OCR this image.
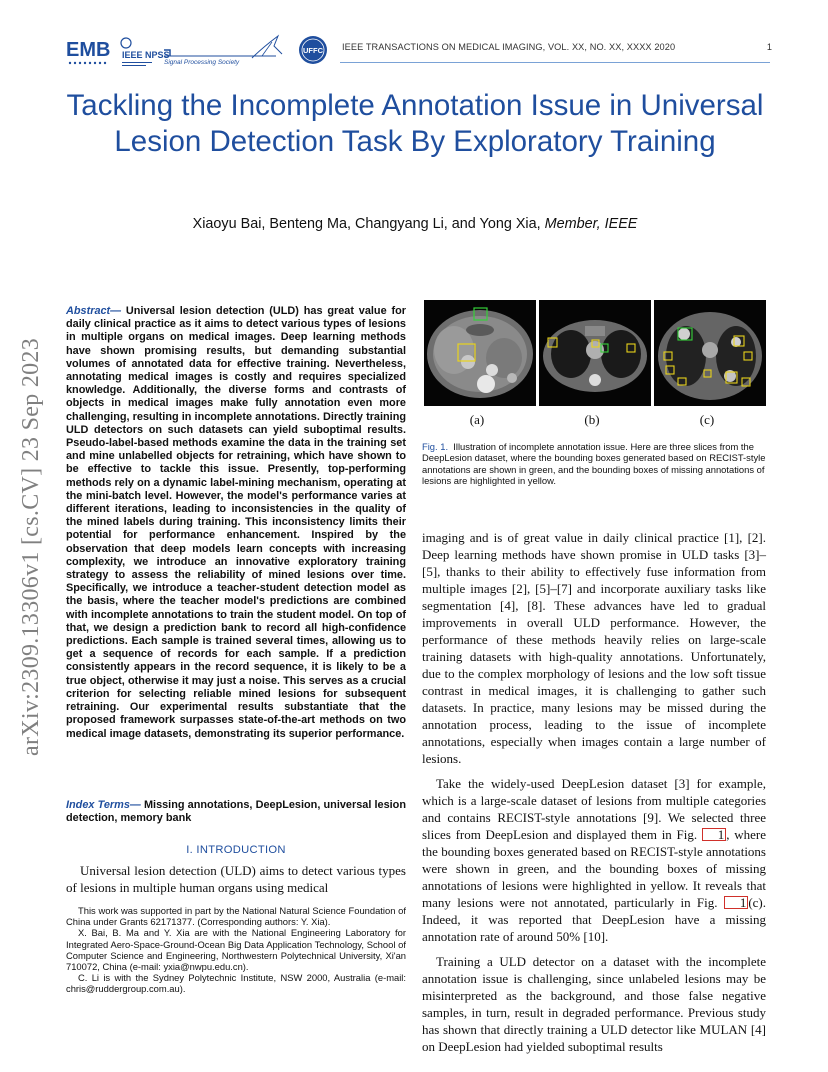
EMB IEEE NPSS
Signal Processing Society
UFFC IEEE TRANSACTIONS ON MEDICAL IMAGING, VOL. XX, NO. XX, XXXX 2020	1
Tackling the Incomplete Annotation Issue in Universal Lesion Detection Task By Exploratory Training
Xiaoyu Bai, Benteng Ma, Changyang Li, and Yong Xia, Member, IEEE
arXiv:2309.13306v1 [cs.CV] 23 Sep 2023
Abstract— Universal lesion detection (ULD) has great value for daily clinical practice as it aims to detect various types of lesions in multiple organs on medical images. Deep learning methods have shown promising results, but demanding substantial volumes of annotated data for effective training. Nevertheless, annotating medical images is costly and requires specialized knowledge. Additionally, the diverse forms and contrasts of objects in medical images make fully annotation even more challenging, resulting in incomplete annotations. Directly training ULD detectors on such datasets can yield suboptimal results. Pseudo-label-based methods examine the data in the training set and mine unlabelled objects for retraining, which have shown to be effective to tackle this issue. Presently, top-performing methods rely on a dynamic label-mining mechanism, operating at the mini-batch level. However, the model's performance varies at different iterations, leading to inconsistencies in the quality of the mined labels during training. This inconsistency limits their potential for performance enhancement. Inspired by the observation that deep models learn concepts with increasing complexity, we introduce an innovative exploratory training strategy to assess the reliability of mined lesions over time. Specifically, we introduce a teacher-student detection model as the basis, where the teacher model's predictions are combined with incomplete annotations to train the student model. On top of that, we design a prediction bank to record all high-confidence predictions. Each sample is trained several times, allowing us to get a sequence of records for each sample. If a prediction consistently appears in the record sequence, it is likely to be a true object, otherwise it may just a noise. This serves as a crucial criterion for selecting reliable mined lesions for subsequent retraining. Our experimental results substantiate that the proposed framework surpasses state-of-the-art methods on two medical image datasets, demonstrating its superior performance.
Index Terms— Missing annotations, DeepLesion, universal lesion detection, memory bank
I. INTRODUCTION
Universal lesion detection (ULD) aims to detect various types of lesions in multiple human organs using medical

This work was supported in part by the National Natural Science Foundation of China under Grants 62171377. (Corresponding authors: Y. Xia).

X. Bai, B. Ma and Y. Xia are with the National Engineering Laboratory for Integrated Aero-Space-Ground-Ocean Big Data Application Technology, School of Computer Science and Engineering, Northwestern Polytechnical University, Xi'an 710072, China (e-mail: yxia@nwpu.edu.cn).

C. Li is with the Sydney Polytechnic Institute, NSW 2000, Australia (e-mail: chris@ruddergroup.com.au).

(a)	(b)	(c)
Fig. 1. Illustration of incomplete annotation issue. Here are three slices from the DeepLesion dataset, where the bounding boxes generated based on RECIST-style annotations are shown in green, and the bounding boxes of missing annotations of lesions are highlighted in yellow.

imaging and is of great value in daily clinical practice [1], [2]. Deep learning methods have shown promise in ULD tasks [3]–[5], thanks to their ability to effectively fuse information from multiple images [2], [5]–[7] and incorporate auxiliary tasks like segmentation [4], [8]. These advances have led to gradual improvements in overall ULD performance. However, the performance of these methods heavily relies on large-scale training datasets with high-quality annotations. Unfortunately, due to the complex morphology of lesions and the low soft tissue contrast in medical images, it is challenging to gather such datasets. In practice, many lesions may be missed during the annotation process, leading to the issue of incomplete annotations, especially when images contain a large number of lesions.

Take the widely-used DeepLesion dataset [3] for example, which is a large-scale dataset of lesions from multiple categories and contains RECIST-style annotations [9]. We selected three slices from DeepLesion and displayed them in Fig. 1 , where the bounding boxes generated based on RECIST-style annotations were shown in green, and the bounding boxes of missing annotations of lesions were highlighted in yellow. It reveals that many lesions were not annotated, particularly in Fig. 1 (c). Indeed, it was reported that DeepLesion have a missing annotation rate of around 50% [10].

Training a ULD detector on a dataset with the incomplete annotation issue is challenging, since unlabeled lesions may be misinterpreted as the background, and those false negative samples, in turn, result in degraded performance. Previous study has shown that directly training a ULD detector like MULAN [4] on DeepLesion had yielded suboptimal results
